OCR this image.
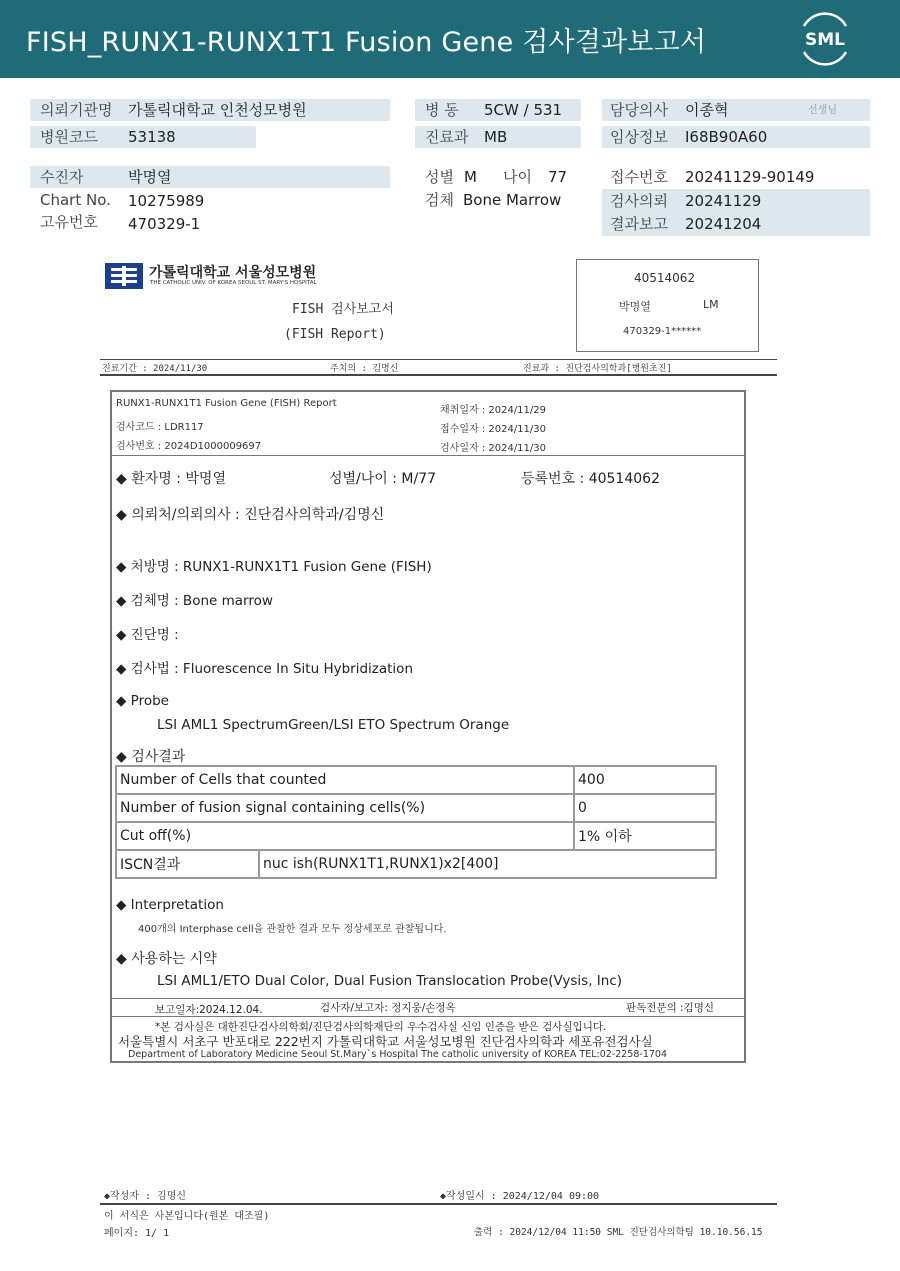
FISH_RUNX1-RUNX1T1 Fusion Gene 검사결과보고서	SML
의뢰기관명 가톨릭대학교 인천성모병원	병 동 5CW / 531	담당의사 이종혁	선생님
병원코드 53138	진료과 MB	임상정보 I68B90A60
수진자	박명열	성별 M 나이 77	접수번호 20241129-90149
Chart No. 10275989	검체 Bone Marrow	검사의뢰 20241129
고유번호 470329-1	결과보고 20241204
가톨릭대학교 서울성모병원
THE CATHOLIC UNIV. OF KOREA SEOUL ST. MARY'S HOSPITAL
FISH 검사보고서
(FISH Report)
40514062
박명열	LM
470329-1******
진료기간 : 2024/11/30	주치의 : 김명신	진료과 : 진단검사의학과[병원초진]
RUNX1-RUNX1T1 Fusion Gene (FISH) Report
검사코드 : LDR117
검사번호 : 2024D1000009697
채취일자 : 2024/11/29
접수일자 : 2024/11/30
검사일자 : 2024/11/30
◆ 환자명 : 박명열	성별/나이 : M/77	등록번호 : 40514062
◆ 의뢰처/의뢰의사 : 진단검사의학과/김명신
◆ 처방명 : RUNX1-RUNX1T1 Fusion Gene (FISH)
◆ 검체명 : Bone marrow
◆ 진단명 :
◆ 검사법 : Fluorescence In Situ Hybridization
◆ Probe
LSI AML1 SpectrumGreen/LSI ETO Spectrum Orange
◆ 검사결과
Number of Cells that counted		400
Number of fusion signal containing cells(%)		0
Cut off(%)		1% 이하
ISCN결과	nuc ish(RUNX1T1,RUNX1)x2[400]	
◆ Interpretation
400개의 Interphase cell을 관찰한 결과 모두 정상세포로 관찰됩니다.
◆ 사용하는 시약
LSI AML1/ETO Dual Color, Dual Fusion Translocation Probe(Vysis, Inc)
보고일자:2024.12.04.	검사자/보고자: 정지웅/손정옥	판독전문의 :김명신
*본 검사실은 대한진단검사의학회/진단검사의학재단의 우수검사실 신임 인증을 받은 검사실입니다.
서울특별시 서초구 반포대로 222번지 가톨릭대학교 서울성모병원 진단검사의학과 세포유전검사실
Department of Laboratory Medicine Seoul St.Mary`s Hospital The catholic university of KOREA TEL:02-2258-1704
◆작성자 : 김명신	◆작성일시 : 2024/12/04 09:00
이 서식은 사본입니다(원본 대조필)
페이지: 1/ 1	출력 : 2024/12/04 11:50 SML 진단검사의학팀 10.10.56.15
